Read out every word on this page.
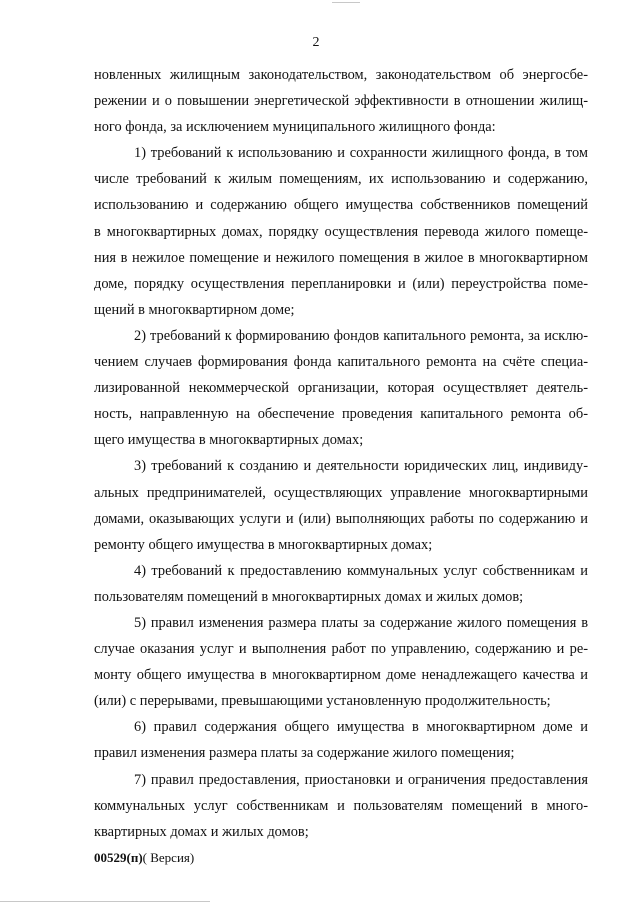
2

новленных жилищным законодательством, законодательством об энергосбе-
режении и о повышении энергетической эффективности в отношении жилищ-
ного фонда, за исключением муниципального жилищного фонда:

1) требований к использованию и сохранности жилищного фонда, в том
числе требований к жилым помещениям, их использованию и содержанию,
использованию и содержанию общего имущества собственников помещений
в многоквартирных домах, порядку осуществления перевода жилого помеще-
ния в нежилое помещение и нежилого помещения в жилое в многоквартирном
доме, порядку осуществления перепланировки и (или) переустройства поме-
щений в многоквартирном доме;

2) требований к формированию фондов капитального ремонта, за исклю-
чением случаев формирования фонда капитального ремонта на счёте специа-
лизированной некоммерческой организации, которая осуществляет деятель-
ность, направленную на обеспечение проведения капитального ремонта об-
щего имущества в многоквартирных домах;

3) требований к созданию и деятельности юридических лиц, индивиду-
альных предпринимателей, осуществляющих управление многоквартирными
домами, оказывающих услуги и (или) выполняющих работы по содержанию и
ремонту общего имущества в многоквартирных домах;

4) требований к предоставлению коммунальных услуг собственникам и
пользователям помещений в многоквартирных домах и жилых домов;

5) правил изменения размера платы за содержание жилого помещения в
случае оказания услуг и выполнения работ по управлению, содержанию и ре-
монту общего имущества в многоквартирном доме ненадлежащего качества и
(или) с перерывами, превышающими установленную продолжительность;

6) правил содержания общего имущества в многоквартирном доме и
правил изменения размера платы за содержание жилого помещения;

7) правил предоставления, приостановки и ограничения предоставления
коммунальных услуг собственникам и пользователям помещений в много-
квартирных домах и жилых домов;

00529(п)( Версия)
